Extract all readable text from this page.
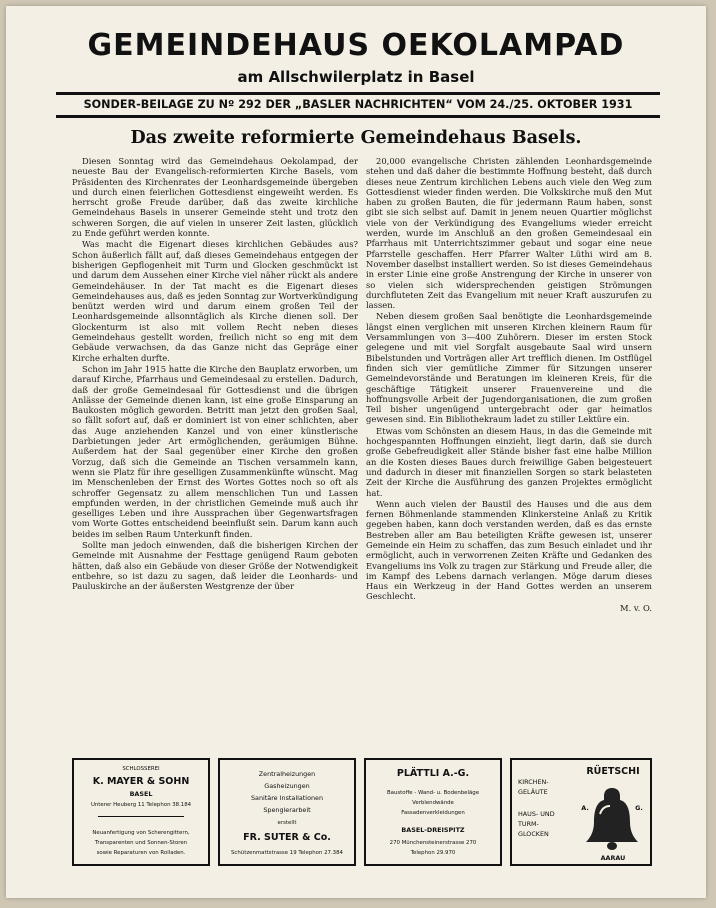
GEMEINDEHAUS OEKOLAMPAD
am Allschwilerplatz in Basel
SONDER-BEILAGE ZU Nº 292 DER „BASLER NACHRICHTEN“ VOM 24./25. OKTOBER 1931
Das zweite reformierte Gemeindehaus Basels.

Diesen Sonntag wird das Gemeindehaus Oekolampad, der neueste Bau der Evangelisch-reformierten Kirche Basels, vom Präsidenten des Kirchenrates der Leonhardsgemeinde übergeben und durch einen feierlichen Gottesdienst eingeweiht werden. Es herrscht große Freude darüber, daß das zweite kirchliche Gemeindehaus Basels in unserer Gemeinde steht und trotz den schweren Sorgen, die auf vielen in unserer Zeit lasten, glücklich zu Ende geführt werden konnte.

Was macht die Eigenart dieses kirchlichen Gebäudes aus? Schon äußerlich fällt auf, daß dieses Gemeindehaus entgegen der bisherigen Gepflogenheit mit Turm und Glocken geschmückt ist und darum dem Aussehen einer Kirche viel näher rückt als andere Gemeindehäuser. In der Tat macht es die Eigenart dieses Gemeindehauses aus, daß es jeden Sonntag zur Wortverkündigung benützt werden wird und darum einem großen Teil der Leonhardsgemeinde allsonntäglich als Kirche dienen soll. Der Glockenturm ist also mit vollem Recht neben dieses Gemeindehaus gestellt worden, freilich nicht so eng mit dem Gebäude verwachsen, da das Ganze nicht das Gepräge einer Kirche erhalten durfte.

Schon im Jahr 1915 hatte die Kirche den Bauplatz erworben, um darauf Kirche, Pfarrhaus und Gemeindesaal zu erstellen. Dadurch, daß der große Gemeindesaal für Gottesdienst und die übrigen Anlässe der Gemeinde dienen kann, ist eine große Einsparung an Baukosten möglich geworden. Betritt man jetzt den großen Saal, so fällt sofort auf, daß er dominiert ist von einer schlichten, aber das Auge anziehenden Kanzel und von einer künstlerische Darbietungen jeder Art ermöglichenden, geräumigen Bühne. Außerdem hat der Saal gegenüber einer Kirche den großen Vorzug, daß sich die Gemeinde an Tischen versammeln kann, wenn sie Platz für ihre geselligen Zusammenkünfte wünscht. Mag im Menschenleben der Ernst des Wortes Gottes noch so oft als schroffer Gegensatz zu allem menschlichen Tun und Lassen empfunden werden, in der christlichen Gemeinde muß auch ihr geselliges Leben und ihre Aussprachen über Gegenwartsfragen vom Worte Gottes entscheidend beeinflußt sein. Darum kann auch beides im selben Raum Unterkunft finden.

Sollte man jedoch einwenden, daß die bisherigen Kirchen der Gemeinde mit Ausnahme der Festtage genügend Raum geboten hätten, daß also ein Gebäude von dieser Größe der Notwendigkeit entbehre, so ist dazu zu sagen, daß leider die Leonhards- und Pauluskirche an der äußersten Westgrenze der über

20,000 evangelische Christen zählenden Leonhardsgemeinde stehen und daß daher die bestimmte Hoffnung besteht, daß durch dieses neue Zentrum kirchlichen Lebens auch viele den Weg zum Gottesdienst wieder finden werden. Die Volkskirche muß den Mut haben zu großen Bauten, die für jedermann Raum haben, sonst gibt sie sich selbst auf. Damit in jenem neuen Quartier möglichst viele von der Verkündigung des Evangeliums wieder erreicht werden, wurde im Anschluß an den großen Gemeindesaal ein Pfarrhaus mit Unterrichtszimmer gebaut und sogar eine neue Pfarrstelle geschaffen. Herr Pfarrer Walter Lüthi wird am 8. November daselbst installiert werden. So ist dieses Gemeindehaus in erster Linie eine große Anstrengung der Kirche in unserer von so vielen sich widersprechenden geistigen Strömungen durchfluteten Zeit das Evangelium mit neuer Kraft auszurufen zu lassen.

Neben diesem großen Saal benötigte die Leonhardsgemeinde längst einen verglichen mit unseren Kirchen kleinern Raum für Versammlungen von 3—400 Zuhörern. Dieser im ersten Stock gelegene und mit viel Sorgfalt ausgebaute Saal wird unsern Bibelstunden und Vorträgen aller Art trefflich dienen. Im Ostflügel finden sich vier gemütliche Zimmer für Sitzungen unserer Gemeindevorstände und Beratungen im kleineren Kreis, für die geschäftige Tätigkeit unserer Frauenvereine und die hoffnungsvolle Arbeit der Jugendorganisationen, die zum großen Teil bisher ungenügend untergebracht oder gar heimatlos gewesen sind. Ein Bibliothekraum ladet zu stiller Lektüre ein.

Etwas vom Schönsten an diesem Haus, in das die Gemeinde mit hochgespannten Hoffnungen einzieht, liegt darin, daß sie durch große Gebefreudigkeit aller Stände bisher fast eine halbe Million an die Kosten dieses Baues durch freiwillige Gaben beigesteuert und dadurch in dieser mit finanziellen Sorgen so stark belasteten Zeit der Kirche die Ausführung des ganzen Projektes ermöglicht hat.

Wenn auch vielen der Baustil des Hauses und die aus dem fernen Böhmenlande stammenden Klinkersteine Anlaß zu Kritik gegeben haben, kann doch verstanden werden, daß es das ernste Bestreben aller am Bau beteiligten Kräfte gewesen ist, unserer Gemeinde ein Heim zu schaffen, das zum Besuch einladet und ihr ermöglicht, auch in verworrenen Zeiten Kräfte und Gedanken des Evangeliums ins Volk zu tragen zur Stärkung und Freude aller, die im Kampf des Lebens darnach verlangen. Möge darum dieses Haus ein Werkzeug in der Hand Gottes werden an unserem Geschlecht.

M. v. O.

SCHLOSSEREI
K. MAYER & SOHN
BASEL
Unterer Heuberg 11 Telephon 38.184
Neuanfertigung von Scherengittern,
Transparenten und Sonnen-Storen
sowie Reparaturen von Rolladen.
Zentralheizungen
Gasheizungen
Sanitäre Installationen
Spenglerarbeit
erstellt
FR. SUTER & Co.
Schützenmattstrasse 19 Telephon 27.384
PLÄTTLI A.-G.
Baustoffe - Wand- u. Bodenbeläge
Verblendwände
Fassadenverkleidungen
BASEL-DREISPITZ
270 Münchensteinerstrasse 270
Telephon 29.970
KIRCHEN-
GELÄUTE
HAUS- UND
TURM-
GLOCKEN
RÜETSCHI
A.	G.
AARAU
